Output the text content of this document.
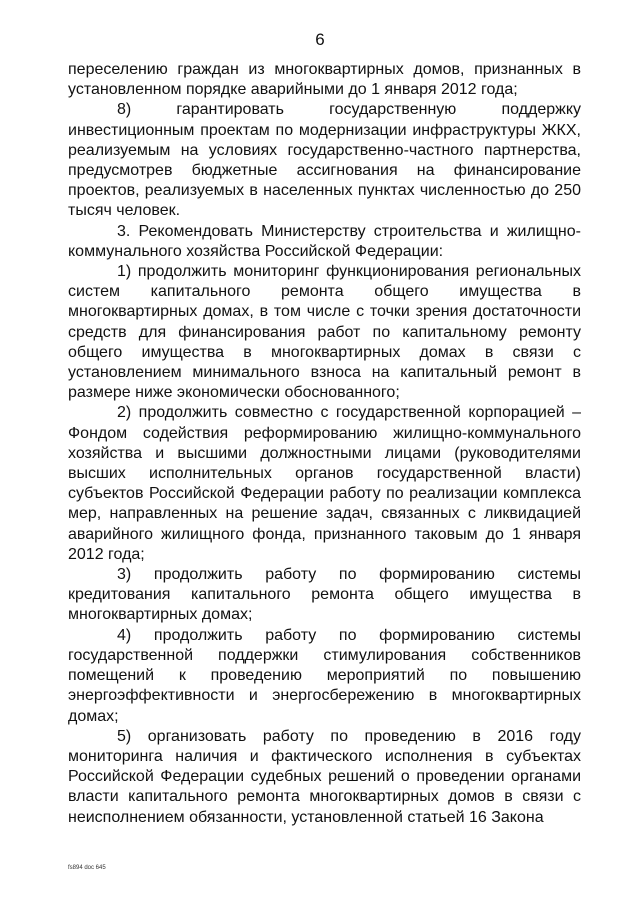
6

переселению граждан из многоквартирных домов, признанных в установленном порядке аварийными до 1 января 2012 года;

8) гарантировать государственную поддержку инвестиционным проектам по модернизации инфраструктуры ЖКХ, реализуемым на условиях государственно-частного партнерства, предусмотрев бюджетные ассигнования на финансирование проектов, реализуемых в населенных пунктах численностью до 250 тысяч человек.

3. Рекомендовать Министерству строительства и жилищно-коммунального хозяйства Российской Федерации:

1) продолжить мониторинг функционирования региональных систем капитального ремонта общего имущества в многоквартирных домах, в том числе с точки зрения достаточности средств для финансирования работ по капитальному ремонту общего имущества в многоквартирных домах в связи с установлением минимального взноса на капитальный ремонт в размере ниже экономически обоснованного;

2) продолжить совместно с государственной корпорацией – Фондом содействия реформированию жилищно-коммунального хозяйства и высшими должностными лицами (руководителями высших исполнительных органов государственной власти) субъектов Российской Федерации работу по реализации комплекса мер, направленных на решение задач, связанных с ликвидацией аварийного жилищного фонда, признанного таковым до 1 января 2012 года;

3) продолжить работу по формированию системы кредитования капитального ремонта общего имущества в многоквартирных домах;

4) продолжить работу по формированию системы государственной поддержки стимулирования собственников помещений к проведению мероприятий по повышению энергоэффективности и энергосбережению в многоквартирных домах;

5) организовать работу по проведению в 2016 году мониторинга наличия и фактического исполнения в субъектах Российской Федерации судебных решений о проведении органами власти капитального ремонта многоквартирных домов в связи с неисполнением обязанности, установленной статьей 16 Закона

fs894 doc 645
